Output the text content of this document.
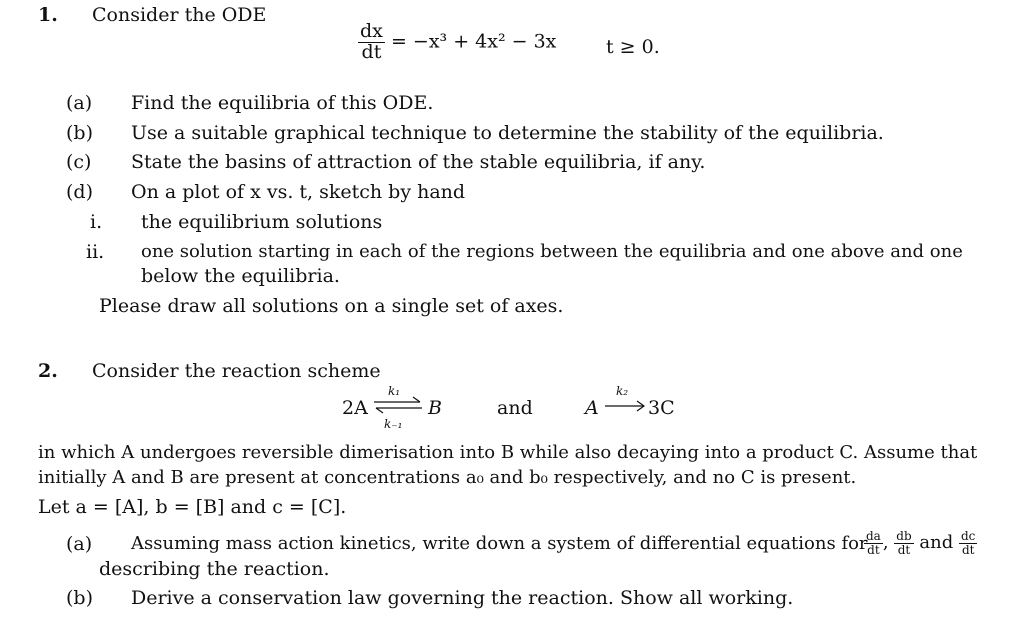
1. Consider the ODE
$\frac{dx}{dt} = -x^3 + 4x^2 - 3x$	t ≥ 0.
(a) Find the equilibria of this ODE.
(b) Use a suitable graphical technique to determine the stability of the equilibria.
(c) State the basins of attraction of the stable equilibria, if any.
(d) On a plot of x vs. t, sketch by hand
i. the equilibrium solutions
ii. one solution starting in each of the regions between the equilibria and one above and one
below the equilibria.
Please draw all solutions on a single set of axes.
2. Consider the reaction scheme
2A ⇌
k₁
k₋₁
B	and	A
k₂
3C
in which A undergoes reversible dimerisation into B while also decaying into a product C. Assume that
initially A and B are present at concentrations a₀ and b₀ respectively, and no C is present.
Let a = [A], b = [B] and c = [C].
(a) Assuming mass action kinetics, write down a system of differential equations for
$\frac{da}{dt}$ , $\frac{db}{dt}$ and $\frac{dc}{dt}$
describing the reaction.
(b) Derive a conservation law governing the reaction. Show all working.
